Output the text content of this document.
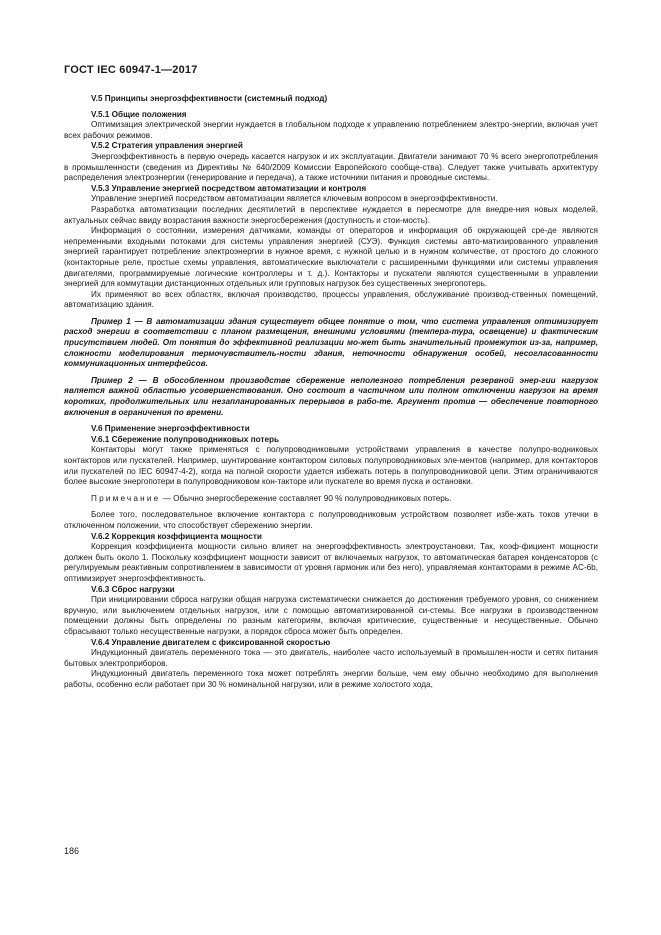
ГОСТ IEC 60947-1—2017

V.5 Принципы энергоэффективности (системный подход)

V.5.1 Общие положения

Оптимизация электрической энергии нуждается в глобальном подходе к управлению потреблением электро-энергии, включая учет всех рабочих режимов.

V.5.2 Стратегия управления энергией

Энергоэффективность в первую очередь касается нагрузок и их эксплуатации. Двигатели занимают 70 % всего энергопотребления в промышленности (сведения из Директивы № 640/2009 Комиссии Европейского сообще-ства). Следует также учитывать архитектуру распределения электроэнергии (генерирование и передача), а также источники питания и проводные системы.

V.5.3 Управление энергией посредством автоматизации и контроля

Управление энергией посредством автоматизации является ключевым вопросом в энергоэффективности.

Разработка автоматизации последних десятилетий в перспективе нуждается в пересмотре для внедре-ния новых моделей, актуальных сейчас ввиду возрастания важности энергосбережения (доступность и стои-мость).

Информация о состоянии, измерения датчиками, команды от операторов и информация об окружающей сре-де являются непременными входными потоками для системы управления энергией (СУЭ). Функция системы авто-матизированного управления энергией гарантирует потребление электроэнергии в нужное время, с нужной целью и в нужном количестве, от простого до сложного (контакторные реле, простые схемы управления, автоматические выключатели с расширенными функциями или системы управления двигателями, программируемые логические контроллеры и т. д.). Контакторы и пускатели являются существенными в управлении энергией для коммутации дистанционных отдельных или групповых нагрузок без существенных энергопотерь.

Их применяют во всех областях, включая производство, процессы управления, обслуживание производ-ственных помещений, автоматизацию здания.

Пример 1 — В автоматизации здания существует общее понятие о том, что система управления оптимизирует расход энергии в соответствии с планом размещения, внешними условиями (темпера-тура, освещение) и фактическим присутствием людей. От понятия до эффективной реализации мо-жет быть значительный промежуток из-за, например, сложности моделирования термочувствитель-ности здания, неточности обнаружения особей, несогласованности коммуникационных интерфейсов.

Пример 2 — В обособленном производстве сбережение неполезного потребления резервной энер-гии нагрузок является важной областью усовершенствования. Оно состоит в частичном или полном отключении нагрузок на время коротких, продолжительных или незапланированных перерывов в рабо-те. Аргумент против — обеспечение повторного включения в ограничения по времени.

V.6 Применение энергоэффективности

V.6.1 Сбережение полупроводниковых потерь

Контакторы могут также применяться с полупроводниковыми устройствами управления в качестве полупро-водниковых контакторов или пускателей. Например, шунтирование контактором силовых полупроводниковых эле-ментов (например, для контакторов или пускателей по IEC 60947-4-2), когда на полной скорости удается избежать потерь в полупроводниковой цепи. Этим ограничиваются более высокие энергопотери в полупроводниковом кон-такторе или пускателе во время пуска и остановки.

Примечание — Обычно энергосбережение составляет 90 % полупроводниковых потерь.

Более того, последовательное включение контактора с полупроводниковым устройством позволяет избе-жать токов утечки в отключенном положении, что способствует сбережению энергии.

V.6.2 Коррекция коэффициента мощности

Коррекция коэффициента мощности сильно влияет на энергоэффективность электроустановки. Так, коэф-фициент мощности должен быть около 1. Поскольку коэффициент мощности зависит от включаемых нагрузок, то автоматическая батарея конденсаторов (с регулируемым реактивным сопротивлением в зависимости от уровня гармоник или без него), управляемая контакторами в режиме AC-6b, оптимизирует энергоэффективность.

V.6.3 Сброс нагрузки

При инициировании сброса нагрузки общая нагрузка систематически снижается до достижения требуемого уровня, со снижением вручную, или выключением отдельных нагрузок, или с помощью автоматизированной си-стемы. Все нагрузки в производственном помещении должны быть определены по разным категориям, включая критические, существенные и несущественные. Обычно сбрасывают только несущественные нагрузки, а порядок сброса может быть определен.

V.6.4 Управление двигателем с фиксированной скоростью

Индукционный двигатель переменного тока — это двигатель, наиболее часто используемый в промышлен-ности и сетях питания бытовых электроприборов.

Индукционный двигатель переменного тока может потреблять энергии больше, чем ему обычно необходимо для выполнения работы, особенно если работает при 30 % номинальной нагрузки, или в режиме холостого хода,

186
